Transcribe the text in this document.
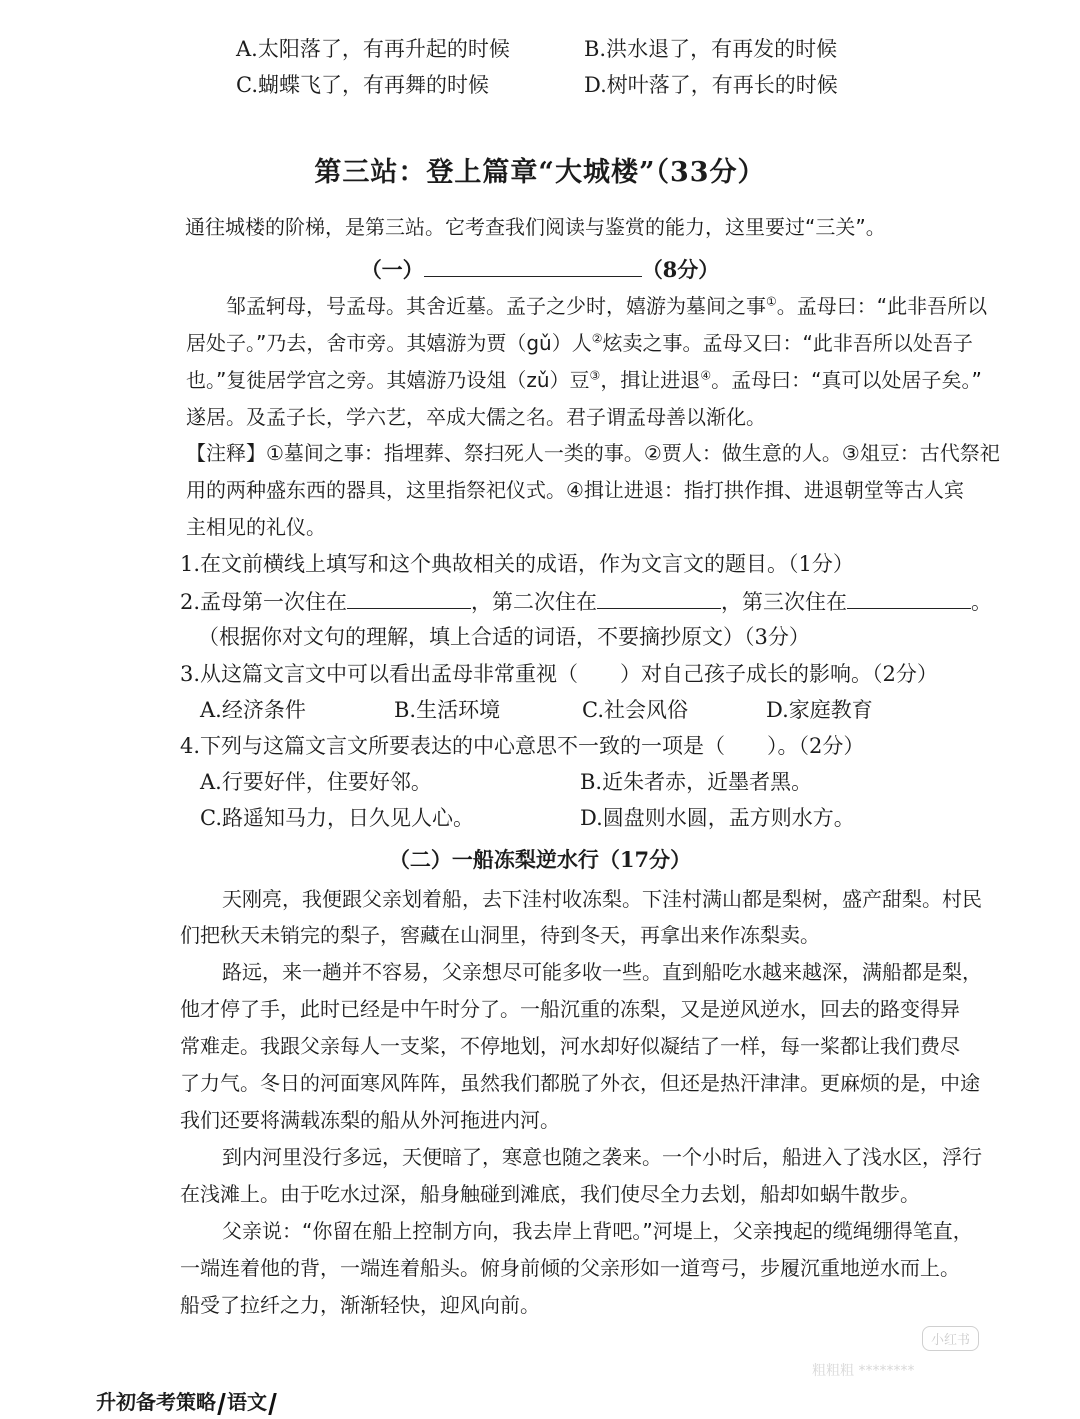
A.太阳落了，有再升起的时候	B.洪水退了，有再发的时候
C.蝴蝶飞了，有再舞的时候	D.树叶落了，有再长的时候
第三站：登上篇章“大城楼”（33分）
通往城楼的阶梯，是第三站。它考查我们阅读与鉴赏的能力，这里要过“三关”。
（一）	（8分）
邹孟轲母，号孟母。其舍近墓。孟子之少时，嬉游为墓间之事①。孟母曰：“此非吾所以
居处子。”乃去，舍市旁。其嬉游为贾（gǔ）人②炫卖之事。孟母又曰：“此非吾所以处吾子
也。”复徙居学宫之旁。其嬉游乃设俎（zǔ）豆③，揖让进退④。孟母曰：“真可以处居子矣。”
遂居。及孟子长，学六艺，卒成大儒之名。君子谓孟母善以渐化。
【注释】①墓间之事：指埋葬、祭扫死人一类的事。②贾人：做生意的人。③俎豆：古代祭祀
用的两种盛东西的器具，这里指祭祀仪式。④揖让进退：指打拱作揖、进退朝堂等古人宾
主相见的礼仪。
1.在文前横线上填写和这个典故相关的成语，作为文言文的题目。（1分）
2.孟母第一次住在	，第二次住在	，第三次住在	。
（根据你对文句的理解，填上合适的词语，不要摘抄原文）（3分）
3.从这篇文言文中可以看出孟母非常重视（　　）对自己孩子成长的影响。（2分）
A.经济条件	B.生活环境	C.社会风俗	D.家庭教育
4.下列与这篇文言文所要表达的中心意思不一致的一项是（　　）。（2分）
A.行要好伴，住要好邻。	B.近朱者赤，近墨者黑。
C.路遥知马力，日久见人心。	D.圆盘则水圆，盂方则水方。
（二）一船冻梨逆水行（17分）
天刚亮，我便跟父亲划着船，去下洼村收冻梨。下洼村满山都是梨树，盛产甜梨。村民
们把秋天未销完的梨子，窖藏在山洞里，待到冬天，再拿出来作冻梨卖。
路远，来一趟并不容易，父亲想尽可能多收一些。直到船吃水越来越深，满船都是梨，
他才停了手，此时已经是中午时分了。一船沉重的冻梨，又是逆风逆水，回去的路变得异
常难走。我跟父亲每人一支桨，不停地划，河水却好似凝结了一样，每一桨都让我们费尽
了力气。冬日的河面寒风阵阵，虽然我们都脱了外衣，但还是热汗津津。更麻烦的是，中途
我们还要将满载冻梨的船从外河拖进内河。
到内河里没行多远，天便暗了，寒意也随之袭来。一个小时后，船进入了浅水区，浮行
在浅滩上。由于吃水过深，船身触碰到滩底，我们使尽全力去划，船却如蜗牛散步。
父亲说：“你留在船上控制方向，我去岸上背吧。”河堤上，父亲拽起的缆绳绷得笔直，
一端连着他的背，一端连着船头。俯身前倾的父亲形如一道弯弓，步履沉重地逆水而上。
船受了拉纤之力，渐渐轻快，迎风向前。
小红书
粗粗粗 ********
升初备考策略 语文
